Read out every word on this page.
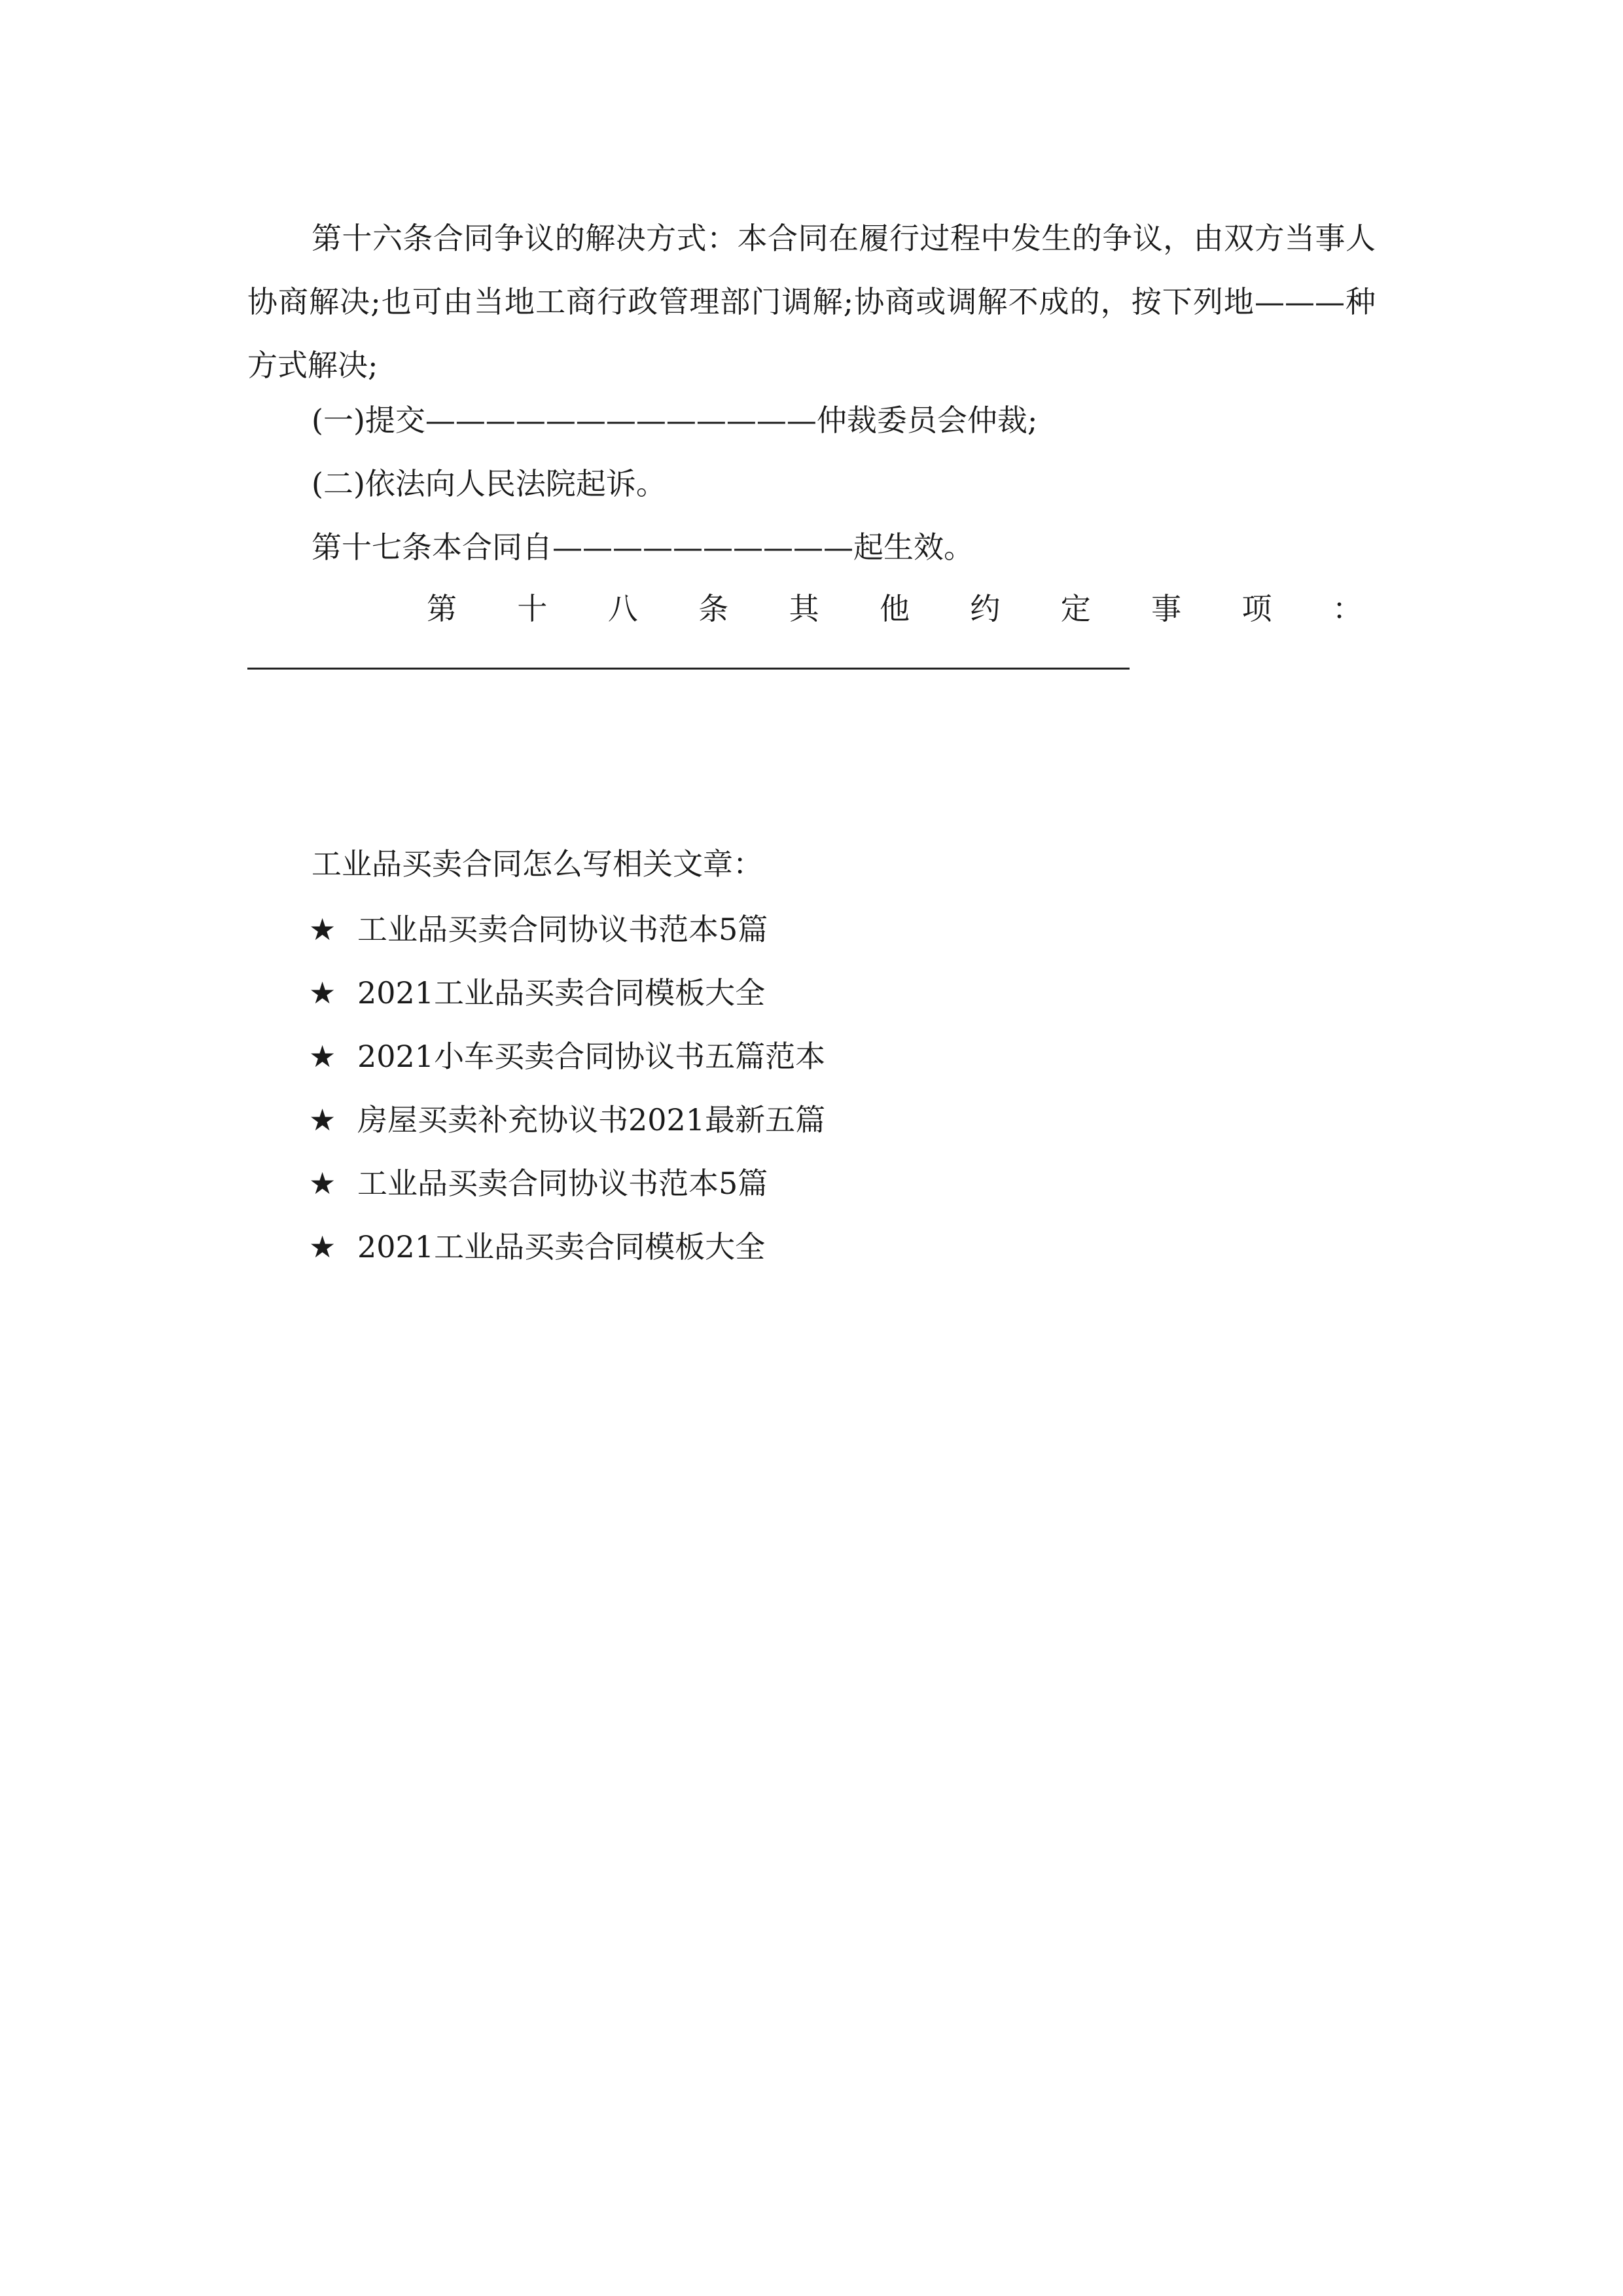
第十六条合同争议的解决方式：本合同在履行过程中发生的争议，由双方当事人协商解决;也可由当地工商行政管理部门调解;协商或调解不成的，按下列地———种方式解决;
(一)提交—————————————仲裁委员会仲裁;
(二)依法向人民法院起诉。
第十七条本合同自——————————起生效。
第 十 八 条 其 他 约 定 事 项 ：
工业品买卖合同怎么写相关文章：
★ 工业品买卖合同协议书范本5篇
★ 2021工业品买卖合同模板大全
★ 2021小车买卖合同协议书五篇范本
★ 房屋买卖补充协议书2021最新五篇
★ 工业品买卖合同协议书范本5篇
★ 2021工业品买卖合同模板大全
